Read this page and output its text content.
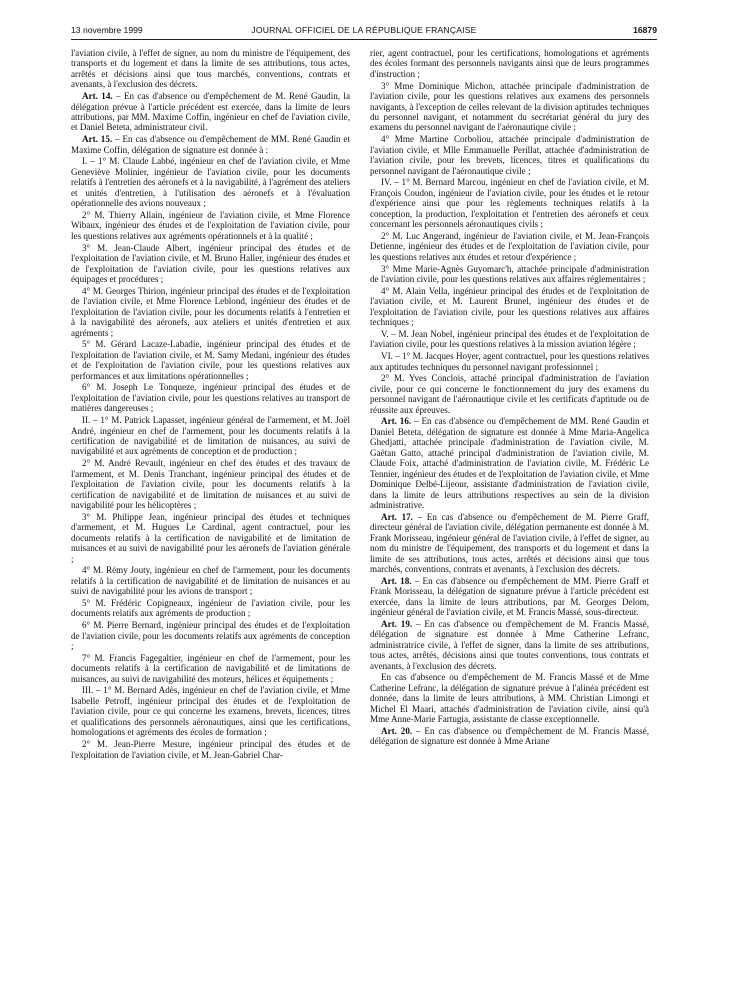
13 novembre 1999	JOURNAL OFFICIEL DE LA RÉPUBLIQUE FRANÇAISE	16879

l'aviation civile, à l'effet de signer, au nom du ministre de l'équipement, des transports et du logement et dans la limite de ses attributions, tous actes, arrêtés et décisions ainsi que tous marchés, conventions, contrats et avenants, à l'exclusion des décrets.

Art. 14. – En cas d'absence ou d'empêchement de M. René Gaudin, la délégation prévue à l'article précédent est exercée, dans la limite de leurs attributions, par MM. Maxime Coffin, ingénieur en chef de l'aviation civile, et Daniel Beteta, administrateur civil.

Art. 15. – En cas d'absence ou d'empêchement de MM. René Gaudin et Maxime Coffin, délégation de signature est donnée à :

I. – 1° M. Claude Labbé, ingénieur en chef de l'aviation civile, et Mme Geneviève Molinier, ingénieur de l'aviation civile, pour les documents relatifs à l'entretien des aéronefs et à la navigabilité, à l'agrément des ateliers et unités d'entretien, à l'utilisation des aéronefs et à l'évaluation opérationnelle des avions nouveaux ;

2° M. Thierry Allain, ingénieur de l'aviation civile, et Mme Florence Wibaux, ingénieur des études et de l'exploitation de l'aviation civile, pour les questions relatives aux agréments opérationnels et à la qualité ;

3° M. Jean-Claude Albert, ingénieur principal des études et de l'exploitation de l'aviation civile, et M. Bruno Haller, ingénieur des études et de l'exploitation de l'aviation civile, pour les questions relatives aux équipages et procédures ;

4° M. Georges Thirion, ingénieur principal des études et de l'exploitation de l'aviation civile, et Mme Florence Leblond, ingénieur des études et de l'exploitation de l'aviation civile, pour les documents relatifs à l'entretien et à la navigabilité des aéronefs, aux ateliers et unités d'entretien et aux agréments ;

5° M. Gérard Lacaze-Labadie, ingénieur principal des études et de l'exploitation de l'aviation civile, et M. Samy Medani, ingénieur des études et de l'exploitation de l'aviation civile, pour les questions relatives aux performances et aux limitations opérationnelles ;

6° M. Joseph Le Tonqueze, ingénieur principal des études et de l'exploitation de l'aviation civile, pour les questions relatives au transport de matières dangereuses ;

II. – 1° M. Patrick Lapasset, ingénieur général de l'armement, et M. Joël André, ingénieur en chef de l'armement, pour les documents relatifs à la certification de navigabilité et de limitation de nuisances, au suivi de navigabilité et aux agréments de conception et de production ;

2° M. André Revault, ingénieur en chef des études et des travaux de l'armement, et M. Denis Tranchant, ingénieur principal des études et de l'exploitation de l'aviation civile, pour les documents relatifs à la certification de navigabilité et de limitation de nuisances et au suivi de navigabilité pour les hélicoptères ;

3° M. Philippe Jean, ingénieur principal des études et techniques d'armement, et M. Hugues Le Cardinal, agent contractuel, pour les documents relatifs à la certification de navigabilité et de limitation de nuisances et au suivi de navigabilité pour les aéronefs de l'aviation générale ;

4° M. Rémy Jouty, ingénieur en chef de l'armement, pour les documents relatifs à la certification de navigabilité et de limitation de nuisances et au suivi de navigabilité pour les avions de transport ;

5° M. Frédéric Copigneaux, ingénieur de l'aviation civile, pour les documents relatifs aux agréments de production ;

6° M. Pierre Bernard, ingénieur principal des études et de l'exploitation de l'aviation civile, pour les documents relatifs aux agréments de conception ;

7° M. Francis Fagegaltier, ingénieur en chef de l'armement, pour les documents relatifs à la certification de navigabilité et de limitations de nuisances, au suivi de navigabilité des moteurs, hélices et équipements ;

III. – 1° M. Bernard Adès, ingénieur en chef de l'aviation civile, et Mme Isabelle Petroff, ingénieur principal des études et de l'exploitation de l'aviation civile, pour ce qui concerne les examens, brevets, licences, titres et qualifications des personnels aéronautiques, ainsi que les certifications, homologations et agréments des écoles de formation ;

2° M. Jean-Pierre Mesure, ingénieur principal des études et de l'exploitation de l'aviation civile, et M. Jean-Gabriel Char-

rier, agent contractuel, pour les certifications, homologations et agréments des écoles formant des personnels navigants ainsi que de leurs programmes d'instruction ;

3° Mme Dominique Michon, attachée principale d'administration de l'aviation civile, pour les questions relatives aux examens des personnels navigants, à l'exception de celles relevant de la division aptitudes techniques du personnel navigant, et notamment du secrétariat général du jury des examens du personnel navigant de l'aéronautique civile ;

4° Mme Martine Corboliou, attachée principale d'administration de l'aviation civile, et Mlle Emmanuelle Perillat, attachée d'administration de l'aviation civile, pour les brevets, licences, titres et qualifications du personnel navigant de l'aéronautique civile ;

IV. – 1° M. Bernard Marcou, ingénieur en chef de l'aviation civile, et M. François Coudon, ingénieur de l'aviation civile, pour les études et le retour d'expérience ainsi que pour les règlements techniques relatifs à la conception, la production, l'exploitation et l'entretien des aéronefs et ceux concernant les personnels aéronautiques civils ;

2° M. Luc Angerand, ingénieur de l'aviation civile, et M. Jean-François Detienne, ingénieur des études et de l'exploitation de l'aviation civile, pour les questions relatives aux études et retour d'expérience ;

3° Mme Marie-Agnès Guyomarc'h, attachée principale d'administration de l'aviation civile, pour les questions relatives aux affaires réglementaires ;

4° M. Alain Vella, ingénieur principal des études et de l'exploitation de l'aviation civile, et M. Laurent Brunel, ingénieur des études et de l'exploitation de l'aviation civile, pour les questions relatives aux affaires techniques ;

V. – M. Jean Nobel, ingénieur principal des études et de l'exploitation de l'aviation civile, pour les questions relatives à la mission aviation légère ;

VI. – 1° M. Jacques Hoyer, agent contractuel, pour les questions relatives aux aptitudes techniques du personnel navigant professionnel ;

2° M. Yves Conclois, attaché principal d'administration de l'aviation civile, pour ce qui concerne le fonctionnement du jury des examens du personnel navigant de l'aéronautique civile et les certificats d'aptitude ou de réussite aux épreuves.

Art. 16. – En cas d'absence ou d'empêchement de MM. René Gaudin et Daniel Beteta, délégation de signature est donnée à Mme Maria-Angelica Ghedjatti, attachée principale d'administration de l'aviation civile, M. Gaëtan Gatto, attaché principal d'administration de l'aviation civile, M. Claude Foix, attaché d'administration de l'aviation civile, M. Frédéric Le Tennier, ingénieur des études et de l'exploitation de l'aviation civile, et Mme Dominique Delbé-Lijeour, assistante d'administration de l'aviation civile, dans la limite de leurs attributions respectives au sein de la division administrative.

Art. 17. – En cas d'absence ou d'empêchement de M. Pierre Graff, directeur général de l'aviation civile, délégation permanente est donnée à M. Frank Morisseau, ingénieur général de l'aviation civile, à l'effet de signer, au nom du ministre de l'équipement, des transports et du logement et dans la limite de ses attributions, tous actes, arrêtés et décisions ainsi que tous marchés, conventions, contrats et avenants, à l'exclusion des décrets.

Art. 18. – En cas d'absence ou d'empêchement de MM. Pierre Graff et Frank Morisseau, la délégation de signature prévue à l'article précédent est exercée, dans la limite de leurs attributions, par M. Georges Delom, ingénieur général de l'aviation civile, et M. Francis Massé, sous-directeur.

Art. 19. – En cas d'absence ou d'empêchement de M. Francis Massé, délégation de signature est donnée à Mme Catherine Lefranc, administratrice civile, à l'effet de signer, dans la limite de ses attributions, tous actes, arrêtés, décisions ainsi que toutes conventions, tous contrats et avenants, à l'exclusion des décrets.

En cas d'absence ou d'empêchement de M. Francis Massé et de Mme Catherine Lefranc, la délégation de signature prévue à l'alinéa précédent est donnée, dans la limite de leurs attributions, à MM. Christian Limongi et Michel El Maari, attachés d'administration de l'aviation civile, ainsi qu'à Mme Anne-Marie Fartugia, assistante de classe exceptionnelle.

Art. 20. – En cas d'absence ou d'empêchement de M. Francis Massé, délégation de signature est donnée à Mme Ariane
